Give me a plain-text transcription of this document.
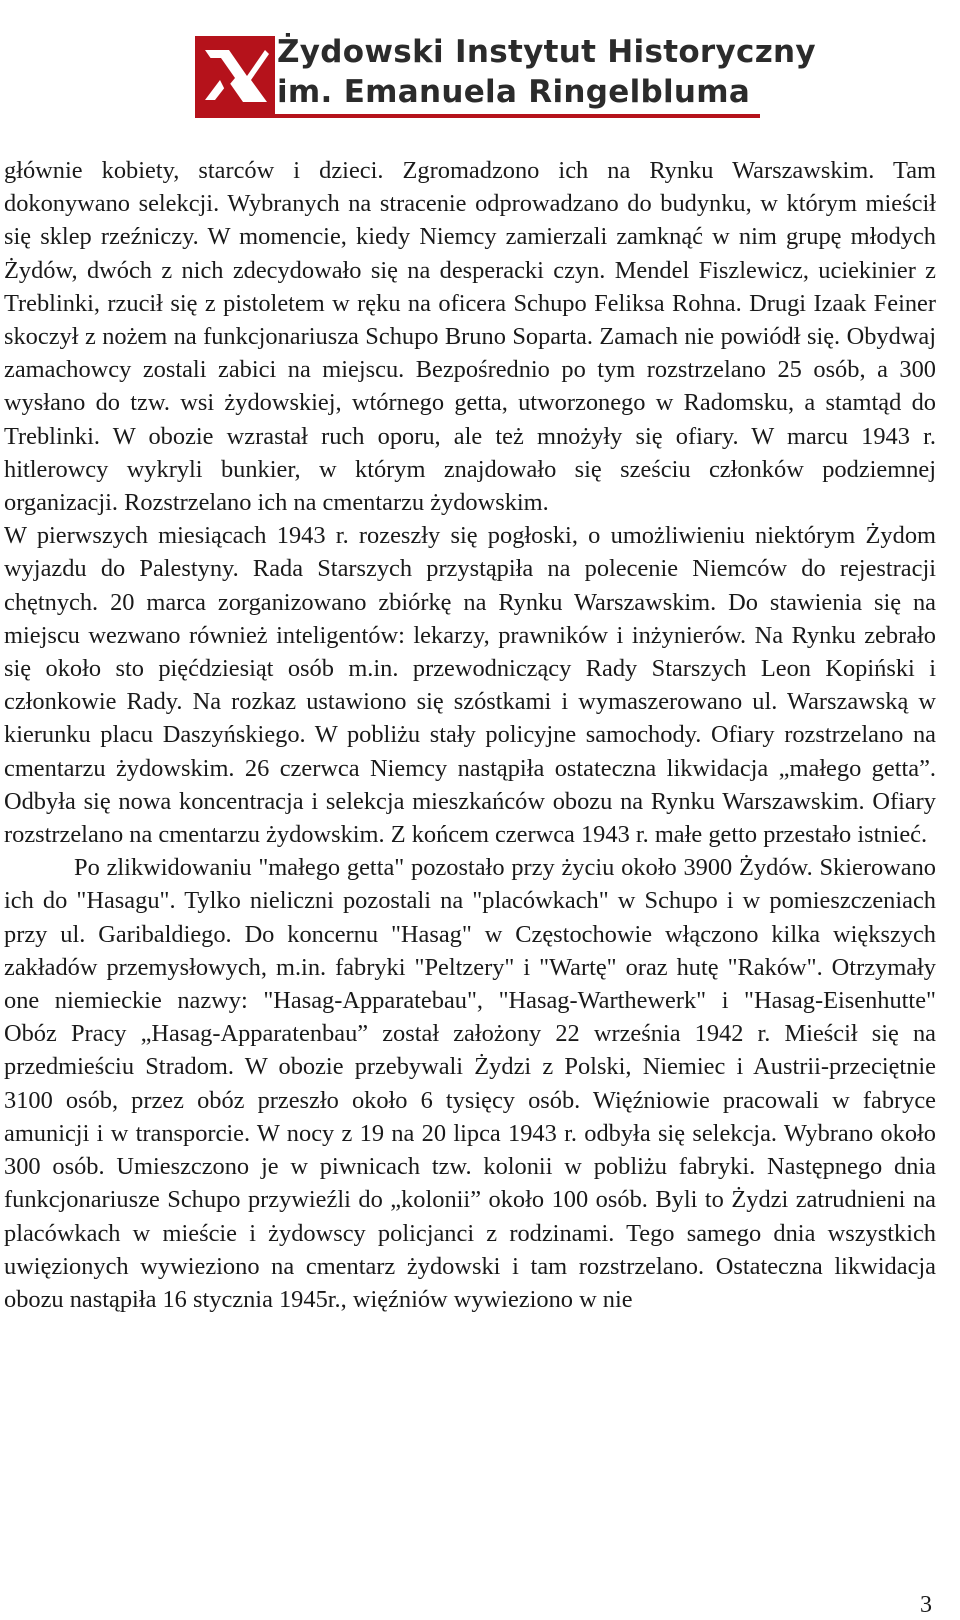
Żydowski Instytut Historyczny
im. Emanuela Ringelbluma

głównie kobiety, starców i dzieci. Zgromadzono ich na Rynku Warszawskim. Tam dokonywano selekcji. Wybranych na stracenie odprowadzano do budynku, w którym mieścił się sklep rzeźniczy. W momencie, kiedy Niemcy zamierzali zamknąć w nim grupę młodych Żydów, dwóch z nich zdecydowało się na desperacki czyn. Mendel Fiszlewicz, uciekinier z Treblinki, rzucił się z pistoletem w ręku na oficera Schupo Feliksa Rohna. Drugi Izaak Feiner skoczył z nożem na funkcjonariusza Schupo Bruno Soparta. Zamach nie powiódł się. Obydwaj zamachowcy zostali zabici na miejscu. Bezpośrednio po tym rozstrzelano 25 osób, a 300 wysłano do tzw. wsi żydowskiej, wtórnego getta, utworzonego w Radomsku, a stamtąd do Treblinki. W obozie wzrastał ruch oporu, ale też mnożyły się ofiary. W marcu 1943 r. hitlerowcy wykryli bunkier, w którym znajdowało się sześciu członków podziemnej organizacji. Rozstrzelano ich na cmentarzu żydowskim.

W pierwszych miesiącach 1943 r. rozeszły się pogłoski, o umożliwieniu niektórym Żydom wyjazdu do Palestyny. Rada Starszych przystąpiła na polecenie Niemców do rejestracji chętnych. 20 marca zorganizowano zbiórkę na Rynku Warszawskim. Do stawienia się na miejscu wezwano również inteligentów: lekarzy, prawników i inżynierów. Na Rynku zebrało się około sto pięćdziesiąt osób m.in. przewodniczący Rady Starszych Leon Kopiński i członkowie Rady. Na rozkaz ustawiono się szóstkami i wymaszerowano ul. Warszawską w kierunku placu Daszyńskiego. W pobliżu stały policyjne samochody. Ofiary rozstrzelano na cmentarzu żydowskim. 26 czerwca Niemcy nastąpiła ostateczna likwidacja „małego getta”. Odbyła się nowa koncentracja i selekcja mieszkańców obozu na Rynku Warszawskim. Ofiary rozstrzelano na cmentarzu żydowskim. Z końcem czerwca 1943 r. małe getto przestało istnieć.

Po zlikwidowaniu "małego getta" pozostało przy życiu około 3900 Żydów. Skierowano ich do "Hasagu". Tylko nieliczni pozostali na "placówkach" w Schupo i w pomieszczeniach przy ul. Garibaldiego. Do koncernu "Hasag" w Częstochowie włączono kilka większych zakładów przemysłowych, m.in. fabryki "Peltzery" i "Wartę" oraz hutę "Raków". Otrzymały one niemieckie nazwy: "Hasag-Apparatebau", "Hasag-Warthewerk" i "Hasag-Eisenhutte" Obóz Pracy „Hasag-Apparatenbau” został założony 22 września 1942 r. Mieścił się na przedmieściu Stradom. W obozie przebywali Żydzi z Polski, Niemiec i Austrii-przeciętnie 3100 osób, przez obóz przeszło około 6 tysięcy osób. Więźniowie pracowali w fabryce amunicji i w transporcie. W nocy z 19 na 20 lipca 1943 r. odbyła się selekcja. Wybrano około 300 osób. Umieszczono je w piwnicach tzw. kolonii w pobliżu fabryki. Następnego dnia funkcjonariusze Schupo przywieźli do „kolonii” około 100 osób. Byli to Żydzi zatrudnieni na placówkach w mieście i żydowscy policjanci z rodzinami. Tego samego dnia wszystkich uwięzionych wywieziono na cmentarz żydowski i tam rozstrzelano. Ostateczna likwidacja obozu nastąpiła 16 stycznia 1945r., więźniów wywieziono w nie

3
